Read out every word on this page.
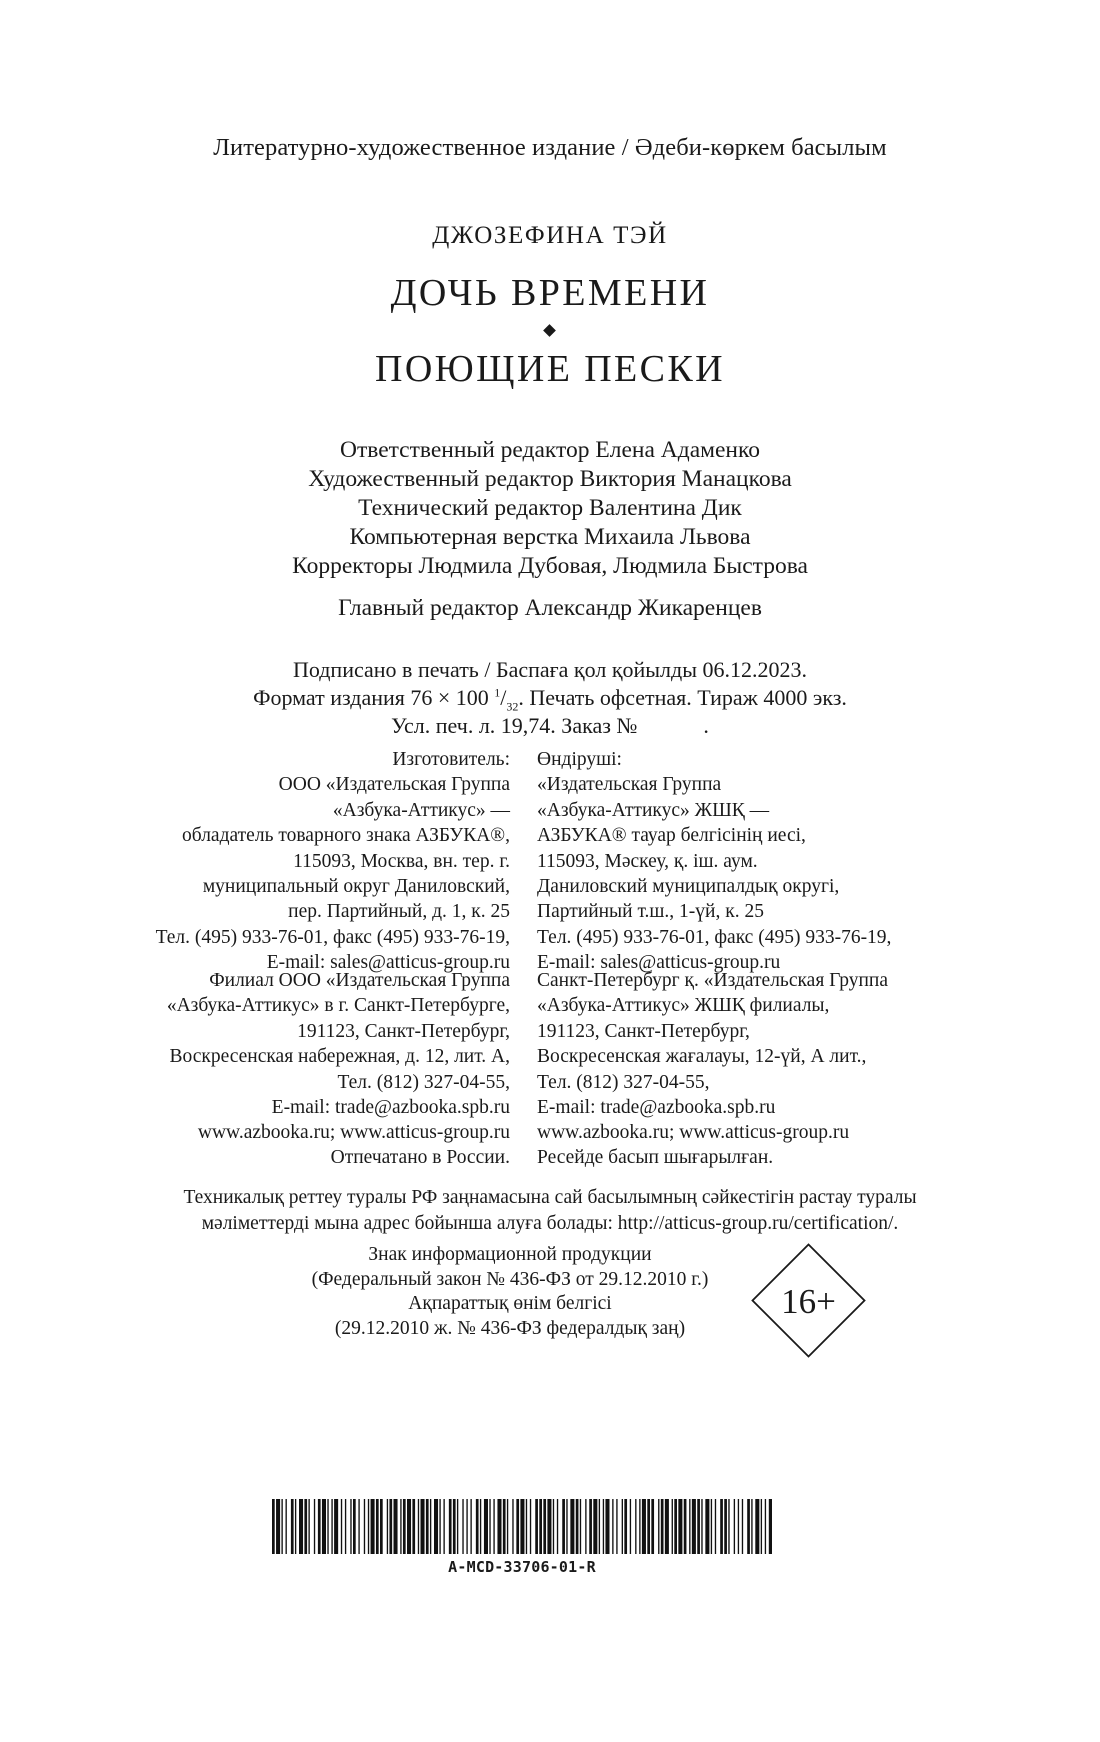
Литературно-художественное издание / Әдеби-көркем басылым
ДЖОЗЕФИНА ТЭЙ
ДОЧЬ ВРЕМЕНИ
ПОЮЩИЕ ПЕСКИ
Ответственный редактор Елена Адаменко
Художественный редактор Виктория Манацкова
Технический редактор Валентина Дик
Компьютерная верстка Михаила Львова
Корректоры Людмила Дубовая, Людмила Быстрова
Главный редактор Александр Жикаренцев
Подписано в печать / Баспаға қол қойылды 06.12.2023.
Формат издания 76 × 100 $^1/_{32}$. Печать офсетная. Тираж 4000 экз.
Усл. печ. л. 19,74. Заказ №	.
Изготовитель:
ООО «Издательская Группа
«Азбука-Аттикус» —
обладатель товарного знака АЗБУКА®,
115093, Москва, вн. тер. г.
муниципальный округ Даниловский,
пер. Партийный, д. 1, к. 25
Тел. (495) 933-76-01, факс (495) 933-76-19,
E-mail: sales@atticus-group.ru
Өндіруші:
«Издательская Группа
«Азбука-Аттикус» ЖШҚ —
АЗБУКА® тауар белгісінің иесі,
115093, Мәскеу, қ. іш. аум.
Даниловский муниципалдық округі,
Партийный т.ш., 1-үй, к. 25
Тел. (495) 933-76-01, факс (495) 933-76-19,
E-mail: sales@atticus-group.ru
Филиал ООО «Издательская Группа
«Азбука-Аттикус» в г. Санкт-Петербурге,
191123, Санкт-Петербург,
Воскресенская набережная, д. 12, лит. А,
Тел. (812) 327-04-55,
E-mail: trade@azbooka.spb.ru
Санкт-Петербург қ. «Издательская Группа
«Азбука-Аттикус» ЖШҚ филиалы,
191123, Санкт-Петербург,
Воскресенская жағалауы, 12-үй, А лит.,
Тел. (812) 327-04-55,
E-mail: trade@azbooka.spb.ru
www.azbooka.ru; www.atticus-group.ru
Отпечатано в России.
www.azbooka.ru; www.atticus-group.ru
Ресейде басып шығарылған.
Техникалық реттеу туралы РФ заңнамасына сай басылымның сәйкестігін растау туралы
мәліметтерді мына адрес бойынша алуға болады: http://atticus-group.ru/certification/.
Знак информационной продукции
(Федеральный закон № 436-ФЗ от 29.12.2010 г.)
Ақпараттық өнім белгісі
(29.12.2010 ж. № 436-ФЗ федералдық заң)
16+
A-MCD-33706-01-R
